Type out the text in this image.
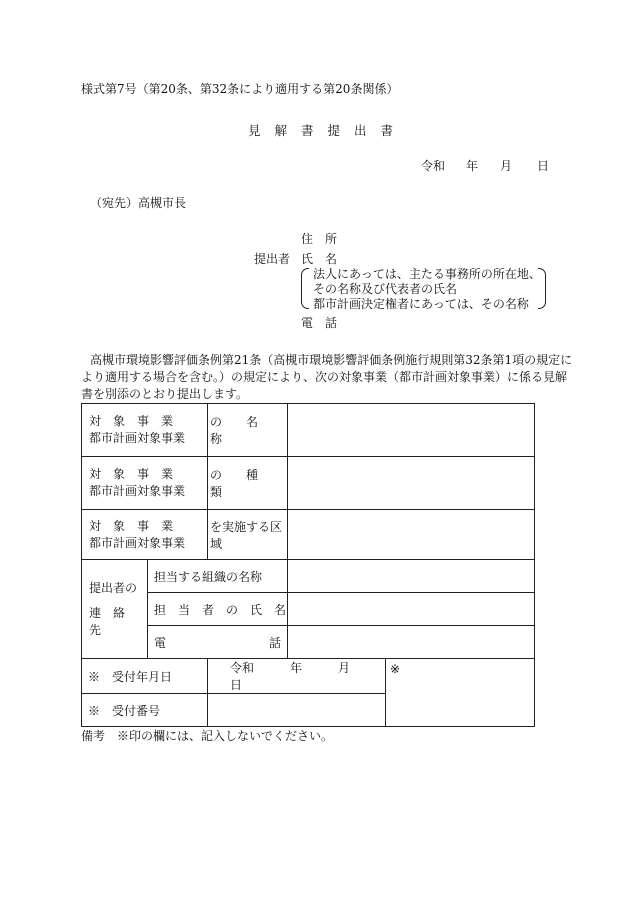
様式第7号（第20条、第32条により適用する第20条関係）
見解書提出書
令和 年 月 日
（宛先）高槻市長
住　所
提出者 氏　名
法人にあっては、主たる事務所の所在地、
その名称及び代表者の氏名
都市計画決定権者にあっては、その名称
電　話
高槻市環境影響評価条例第21条（高槻市環境影響評価条例施行規則第32条第1項の規定に
より適用する場合を含む。）の規定により、次の対象事業（都市計画対象事業）に係る見解
書を別添のとおり提出します。
対　象　事　業
都市計画対象事業		の　　名　　称		

対　象　事　業
都市計画対象事業		の　　種　　類		

対　象　事　業
都市計画対象事業		を実施する区域		

提出者の
連　絡　先	担当する組織の名称			
	担　当　者　の　氏　名			

	電 話			

※　受付年月日		令和　　　年　　　月　　　日		※
※　受付番号				
備考　※印の欄には、記入しないでください。
